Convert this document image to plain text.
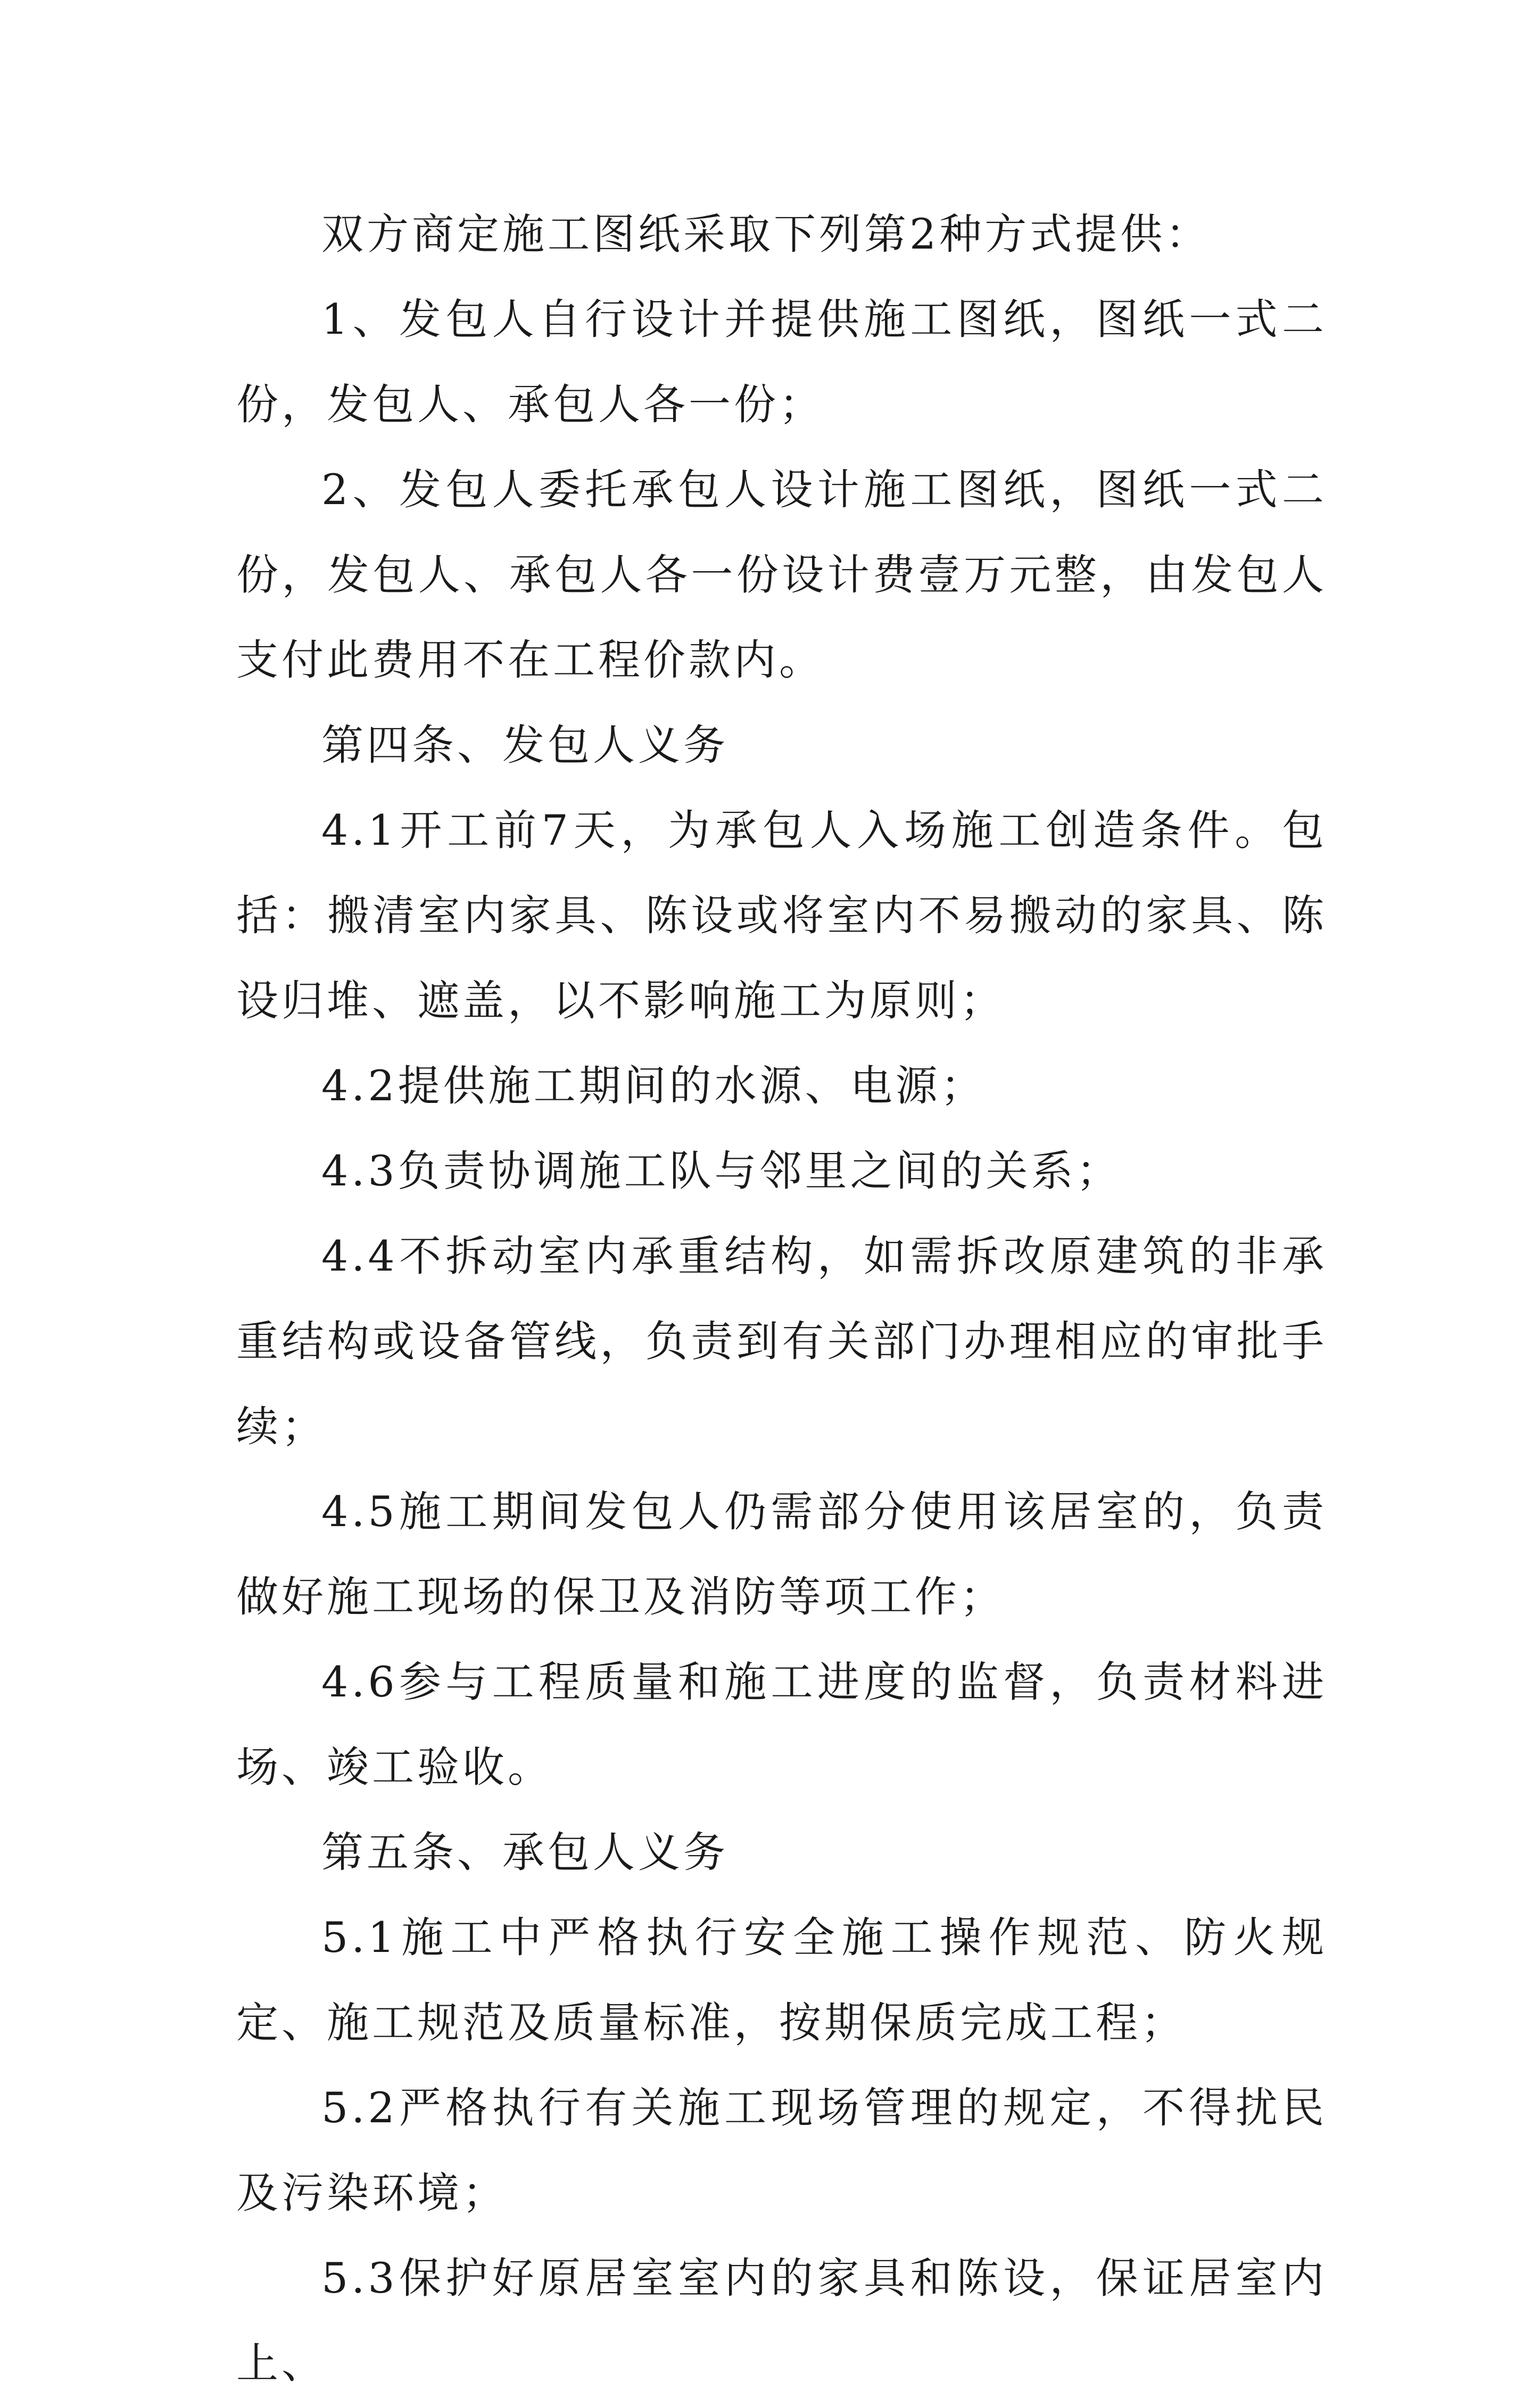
双方商定施工图纸采取下列第2种方式提供：

1、发包人自行设计并提供施工图纸，图纸一式二份，发包人、承包人各一份；

2、发包人委托承包人设计施工图纸，图纸一式二份，发包人、承包人各一份设计费壹万元整，由发包人支付此费用不在工程价款内。

第四条、发包人义务

4.1开工前7天，为承包人入场施工创造条件。包括：搬清室内家具、陈设或将室内不易搬动的家具、陈设归堆、遮盖，以不影响施工为原则；

4.2提供施工期间的水源、电源；

4.3负责协调施工队与邻里之间的关系；

4.4不拆动室内承重结构，如需拆改原建筑的非承重结构或设备管线，负责到有关部门办理相应的审批手续；

4.5施工期间发包人仍需部分使用该居室的，负责做好施工现场的保卫及消防等项工作；

4.6参与工程质量和施工进度的监督，负责材料进场、竣工验收。

第五条、承包人义务

5.1施工中严格执行安全施工操作规范、防火规定、施工规范及质量标准，按期保质完成工程；

5.2严格执行有关施工现场管理的规定，不得扰民及污染环境；

5.3保护好原居室室内的家具和陈设，保证居室内上、
